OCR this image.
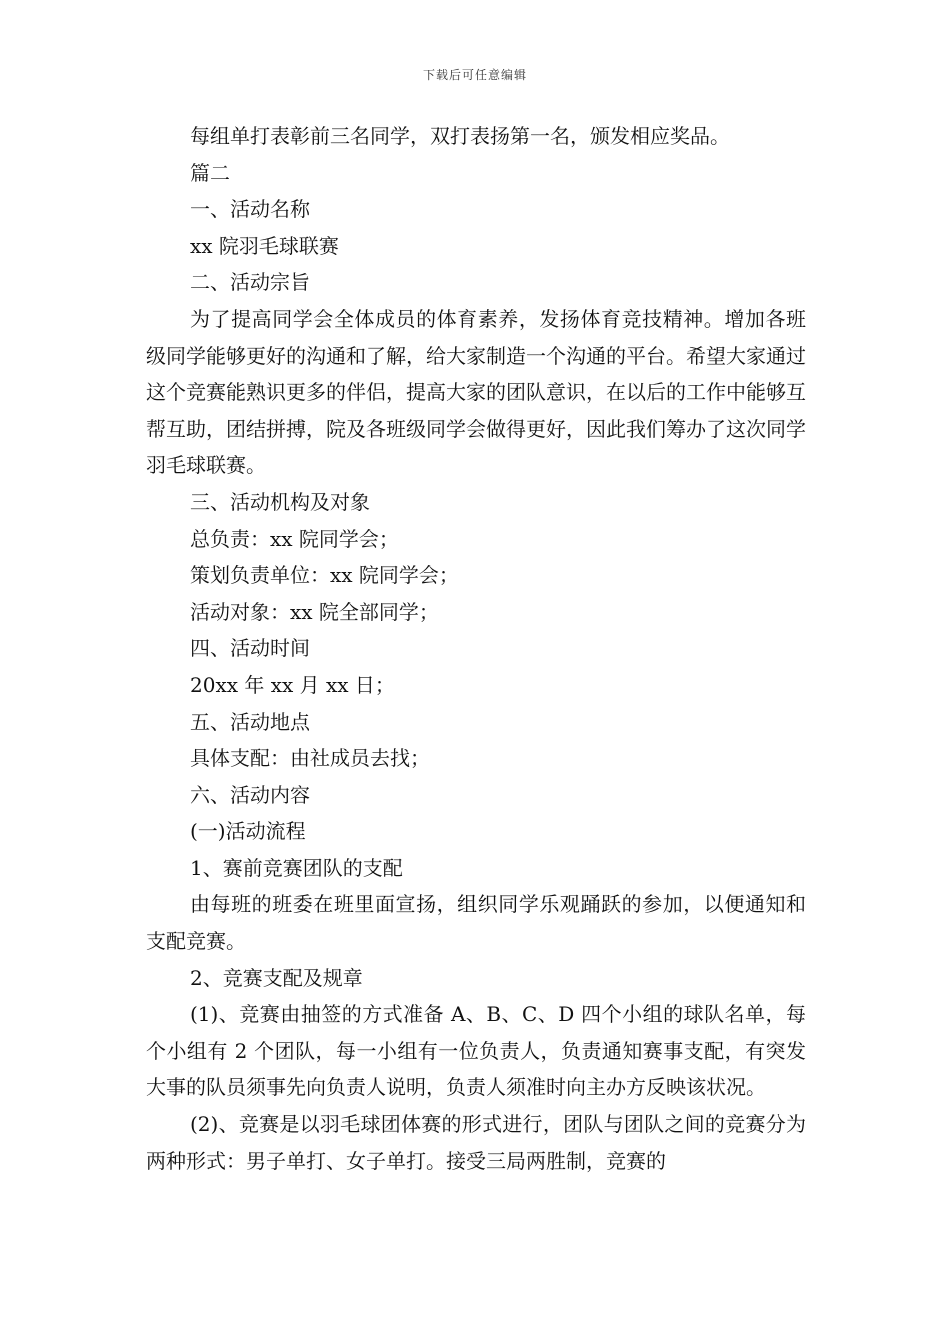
下载后可任意编辑

每组单打表彰前三名同学，双打表扬第一名，颁发相应奖品。

篇二

一、活动名称

xx 院羽毛球联赛

二、活动宗旨

为了提高同学会全体成员的体育素养，发扬体育竞技精神。增加各班级同学能够更好的沟通和了解，给大家制造一个沟通的平台。希望大家通过这个竞赛能熟识更多的伴侣，提高大家的团队意识，在以后的工作中能够互帮互助，团结拼搏，院及各班级同学会做得更好，因此我们筹办了这次同学羽毛球联赛。

三、活动机构及对象

总负责：xx 院同学会；

策划负责单位：xx 院同学会；

活动对象：xx 院全部同学；

四、活动时间

20xx 年 xx 月 xx 日；

五、活动地点

具体支配：由社成员去找；

六、活动内容

(一)活动流程

1、赛前竞赛团队的支配

由每班的班委在班里面宣扬，组织同学乐观踊跃的参加，以便通知和支配竞赛。

2、竞赛支配及规章

(1)、竞赛由抽签的方式准备 A、B、C、D 四个小组的球队名单，每个小组有 2 个团队，每一小组有一位负责人，负责通知赛事支配，有突发大事的队员须事先向负责人说明，负责人须准时向主办方反映该状况。

(2)、竞赛是以羽毛球团体赛的形式进行，团队与团队之间的竞赛分为两种形式：男子单打、女子单打。接受三局两胜制，竞赛的
